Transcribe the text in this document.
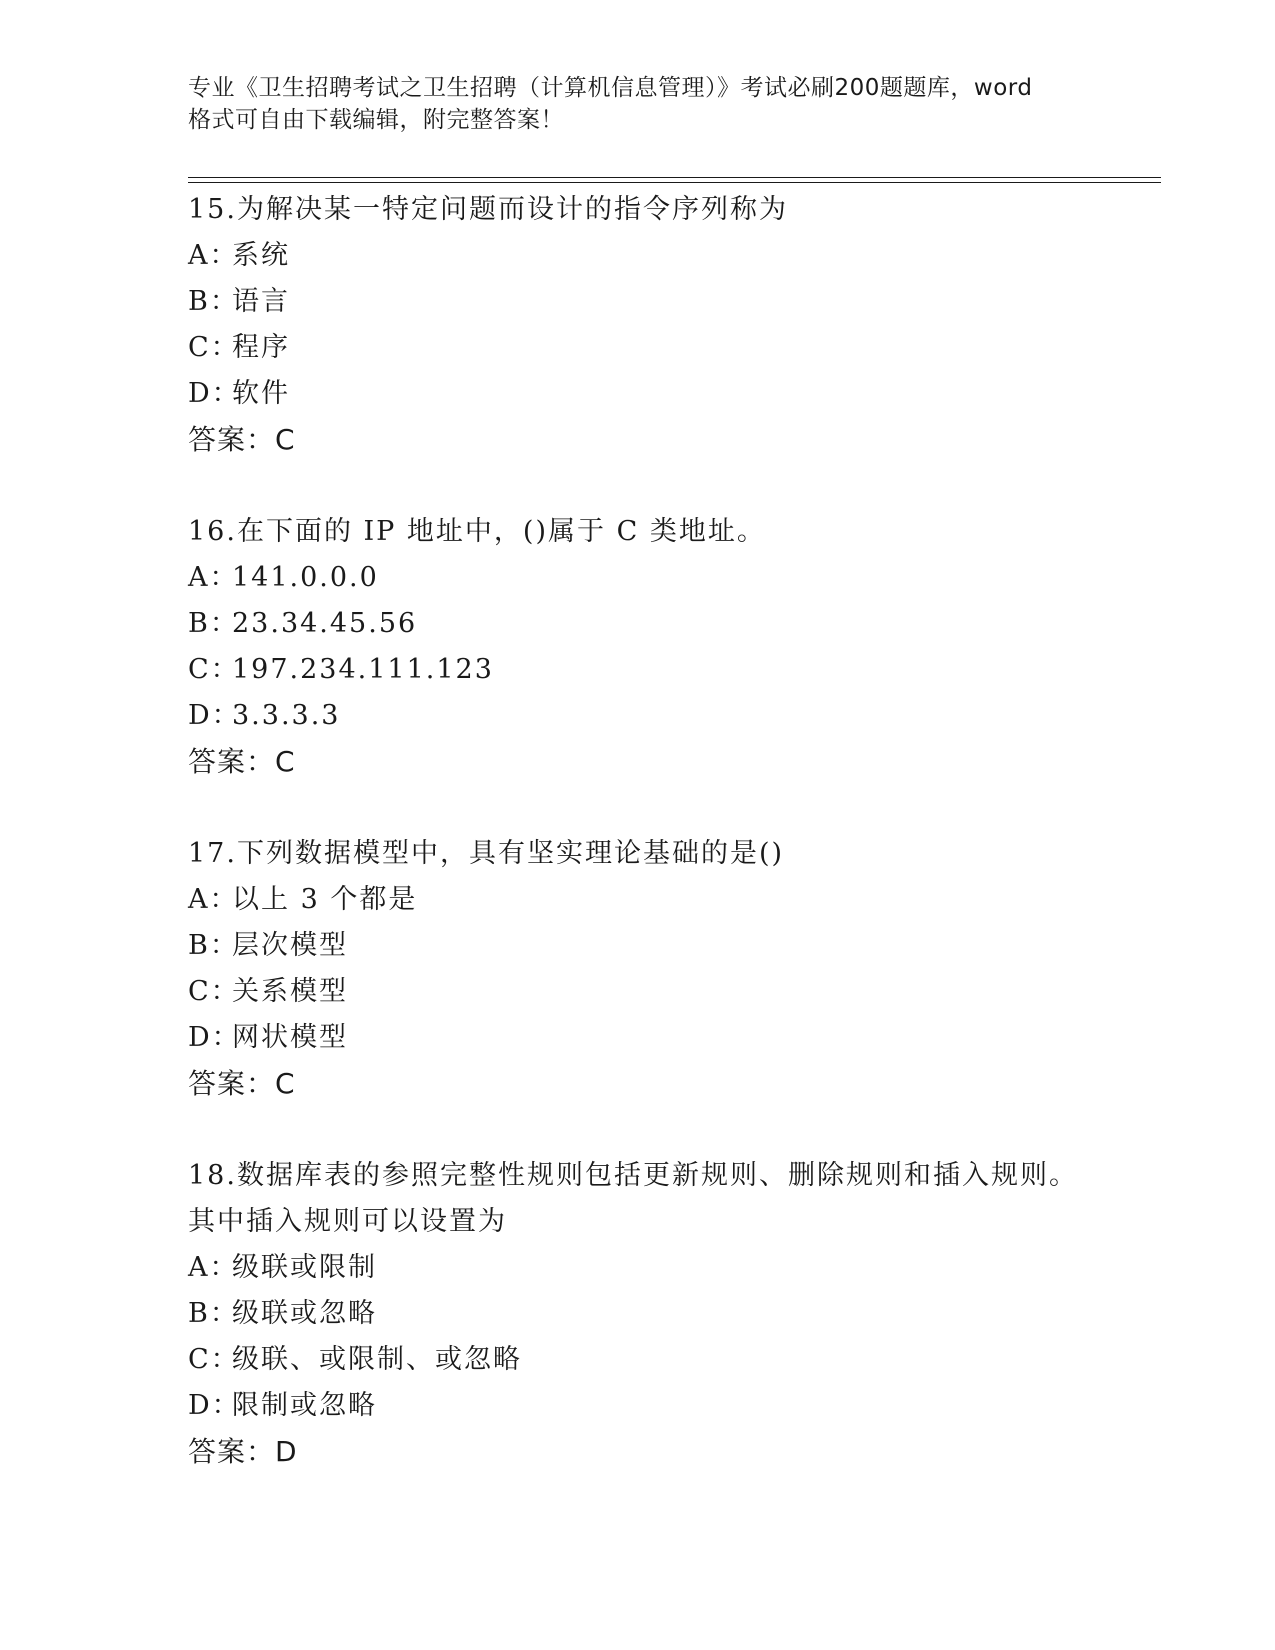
专业《卫生招聘考试之卫生招聘（计算机信息管理）》考试必刷200题题库，word
格式可自由下载编辑，附完整答案！
15.为解决某一特定问题而设计的指令序列称为
A：系统
B：语言
C：程序
D：软件
答案：C
16.在下面的 IP 地址中，()属于 C 类地址。
A：141.0.0.0
B：23.34.45.56
C：197.234.111.123
D：3.3.3.3
答案：C
17.下列数据模型中，具有坚实理论基础的是()
A：以上 3 个都是
B：层次模型
C：关系模型
D：网状模型
答案：C
18.数据库表的参照完整性规则包括更新规则、删除规则和插入规则。
其中插入规则可以设置为
A：级联或限制
B：级联或忽略
C：级联、或限制、或忽略
D：限制或忽略
答案：D
